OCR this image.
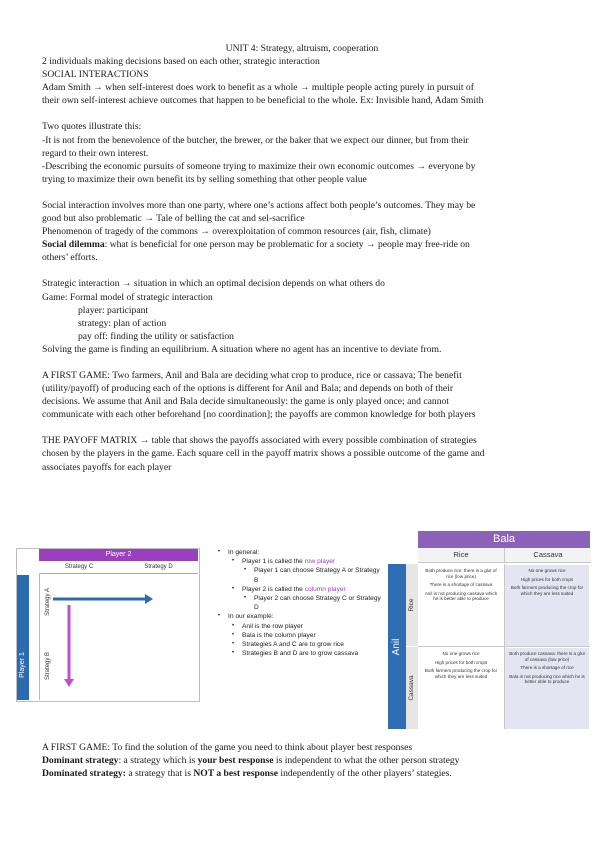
UNIT 4: Strategy, altruism, cooperation

2 individuals making decisions based on each other, strategic interaction

SOCIAL INTERACTIONS

Adam Smith → when self-interest does work to benefit as a whole → multiple people acting purely in pursuit of

their own self-interest achieve outcomes that happen to be beneficial to the whole. Ex: Invisible hand, Adam Smith

Two quotes illustrate this:

-It is not from the benevolence of the butcher, the brewer, or the baker that we expect our dinner, but from their

regard to their own interest.

-Describing the economic pursuits of someone trying to maximize their own economic outcomes → everyone by

trying to maximize their own benefit its by selling something that other people value

Social interaction involves more than one party, where one’s actions affect both people’s outcomes. They may be

good but also problematic → Tale of belling the cat and sel-sacrifice

Phenomenon of tragedy of the commons → overexploitation of common resources (air, fish, climate)

Social dilemma: what is beneficial for one person may be problematic for a society → people may free-ride on

others’ efforts.

Strategic interaction → situation in which an optimal decision depends on what others do

Game: Formal model of strategic interaction

player: participant

strategy: plan of action

pay off: finding the utility or satisfaction

Solving the game is finding an equilibrium. A situation where no agent has an incentive to deviate from.

A FIRST GAME: Two farmers, Anil and Bala are deciding what crop to produce, rice or cassava; The benefit

(utility/payoff) of producing each of the options is different for Anil and Bala; and depends on both of their

decisions. We assume that Anil and Bala decide simultaneously: the game is only played once; and cannot

communicate with each other beforehand [no coordination]; the payoffs are common knowledge for both players

THE PAYOFF MATRIX → table that shows the payoffs associated with every possible combination of strategies

chosen by the players in the game. Each square cell in the payoff matrix shows a possible outcome of the game and

associates payoffs for each player

Player 2
Strategy C	Strategy D
Player 1
Strategy A
Strategy B
• In general:
• Player 1 is called the row player
• Player 1 can choose Strategy A or Strategy B
• Player 2 is called the column player
• Player 2 can choose Strategy C or Strategy D
• In our example:
• Anil is the row player
• Bala is the column player
• Strategies A and C are to grow rice
• Strategies B and D are to grow cassava
Bala
Rice	Cassava
Anil
Rice
Cassava

Both produce rice: there is a glut of rice (low price)

There is a shortage of cassava

Anil is not producing cassava which he is better able to produce

No one grows rice

High prices for both crops

Both farmers producing the crop for which they are less suited

No one grows rice

High prices for both crops

Both farmers producing the crop for which they are less suited

Both produce cassava: there is a glut of cassava (low price)

There is a shortage of rice

Bala is not producing rice which he is better able to produce

A FIRST GAME: To find the solution of the game you need to think about player best responses

Dominant strategy: a strategy which is your best response is independent to what the other person strategy

Dominated strategy: a strategy that is NOT a best response independently of the other players’ stategies.
